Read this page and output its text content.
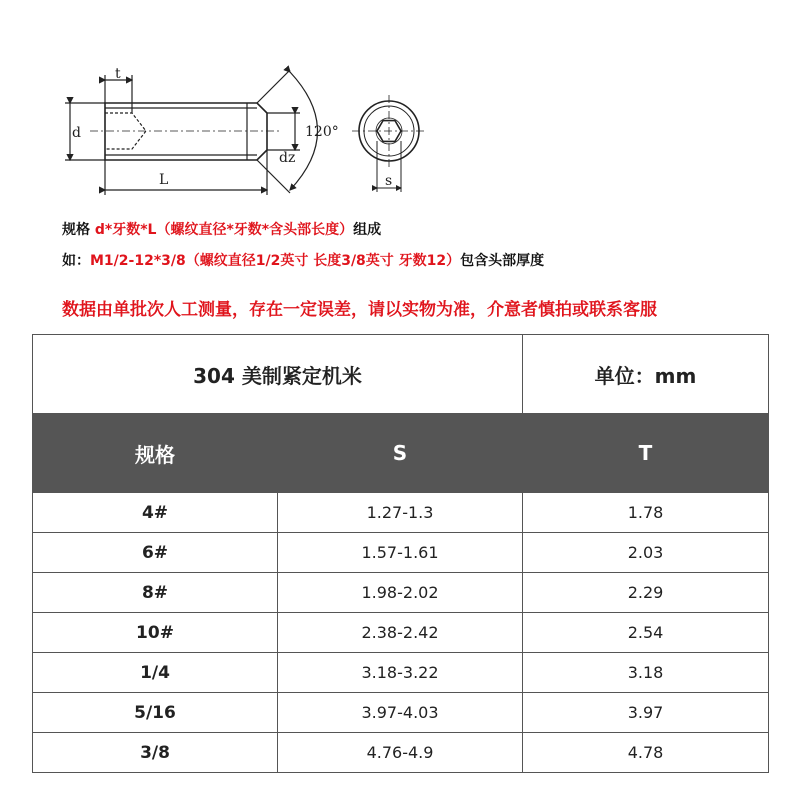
t
d	120°
dz
L	s
规格 d*牙数*L（螺纹直径*牙数*含头部长度）组成
如：M1/2-12*3/8（螺纹直径1/2英寸 长度3/8英寸 牙数12）包含头部厚度
数据由单批次人工测量，存在一定误差，请以实物为准，介意者慎拍或联系客服
304 美制紧定机米		单位：mm
规格	S	T
4#	1.27-1.3	1.78
6#	1.57-1.61	2.03
8#	1.98-2.02	2.29
10#	2.38-2.42	2.54
1/4	3.18-3.22	3.18
5/16	3.97-4.03	3.97
3/8	4.76-4.9	4.78
